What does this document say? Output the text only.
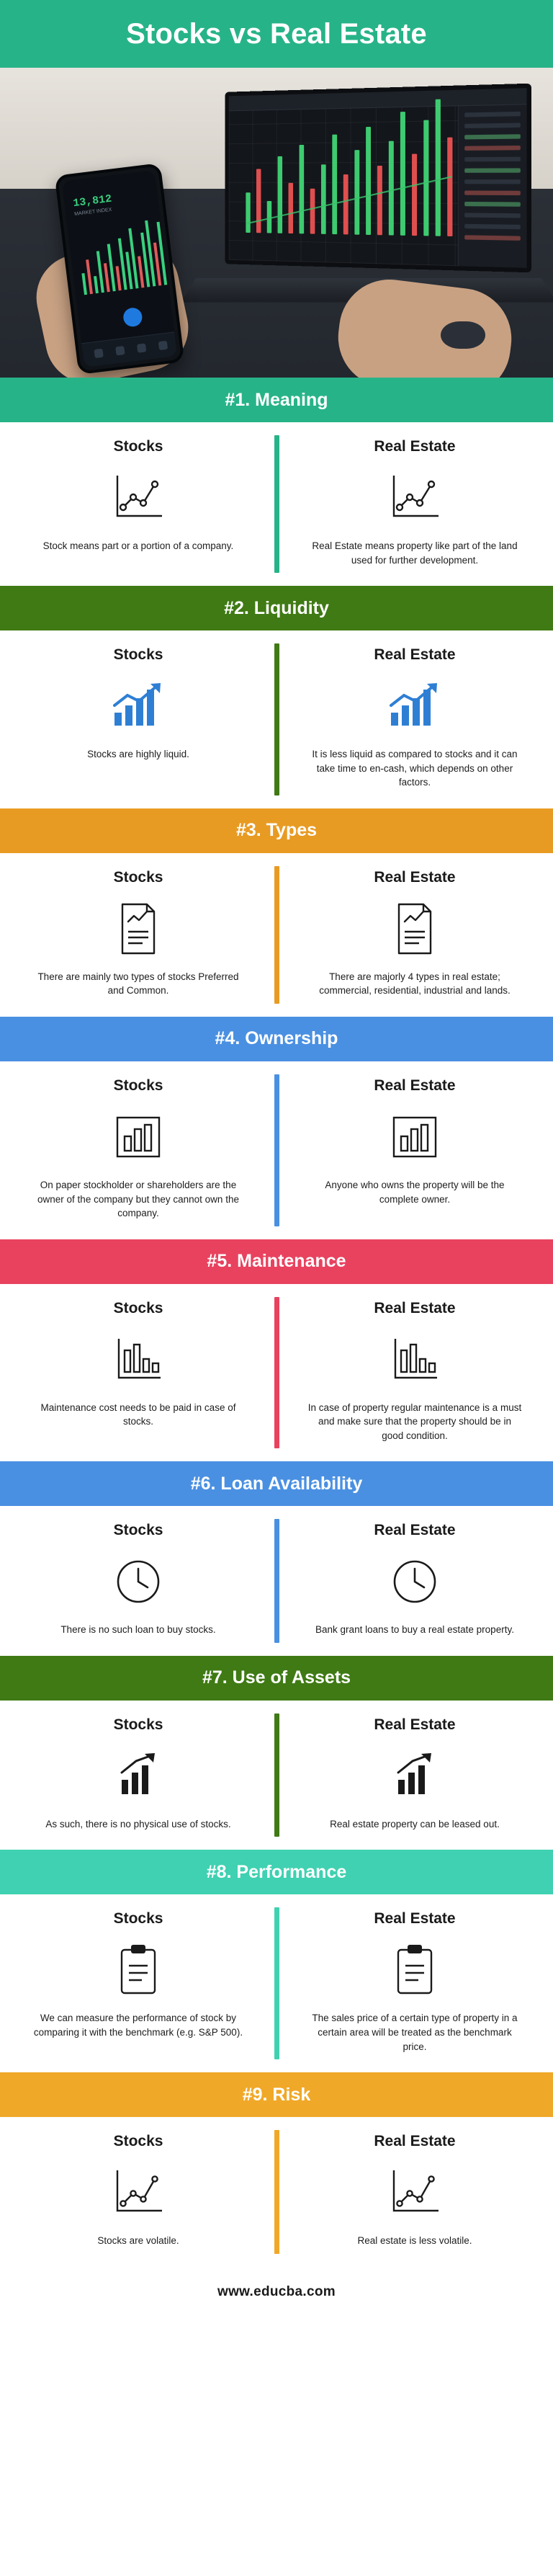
Stocks vs Real Estate
13,812
MARKET INDEX
#1. Meaning
Stocks

Stock means part or a portion of a company.

Real Estate

Real Estate means property like part of the land used for further development.

#2. Liquidity
Stocks

Stocks are highly liquid.

Real Estate

It is less liquid as compared to stocks and it can take time to en-cash, which depends on other factors.

#3. Types
Stocks

There are mainly two types of stocks Preferred and Common.

Real Estate

There are majorly 4 types in real estate; commercial, residential, industrial and lands.

#4. Ownership
Stocks

On paper stockholder or shareholders are the owner of the company but they cannot own the company.

Real Estate

Anyone who owns the property will be the complete owner.

#5. Maintenance
Stocks

Maintenance cost needs to be paid in case of stocks.

Real Estate

In case of property regular maintenance is a must and make sure that the property should be in good condition.

#6. Loan Availability
Stocks

There is no such loan to buy stocks.

Real Estate

Bank grant loans to buy a real estate property.

#7. Use of Assets
Stocks

As such, there is no physical use of stocks.

Real Estate

Real estate property can be leased out.

#8. Performance
Stocks

We can measure the performance of stock by comparing it with the benchmark (e.g. S&P 500).

Real Estate

The sales price of a certain type of property in a certain area will be treated as the benchmark price.

#9. Risk
Stocks

Stocks are volatile.

Real Estate

Real estate is less volatile.

www.educba.com
